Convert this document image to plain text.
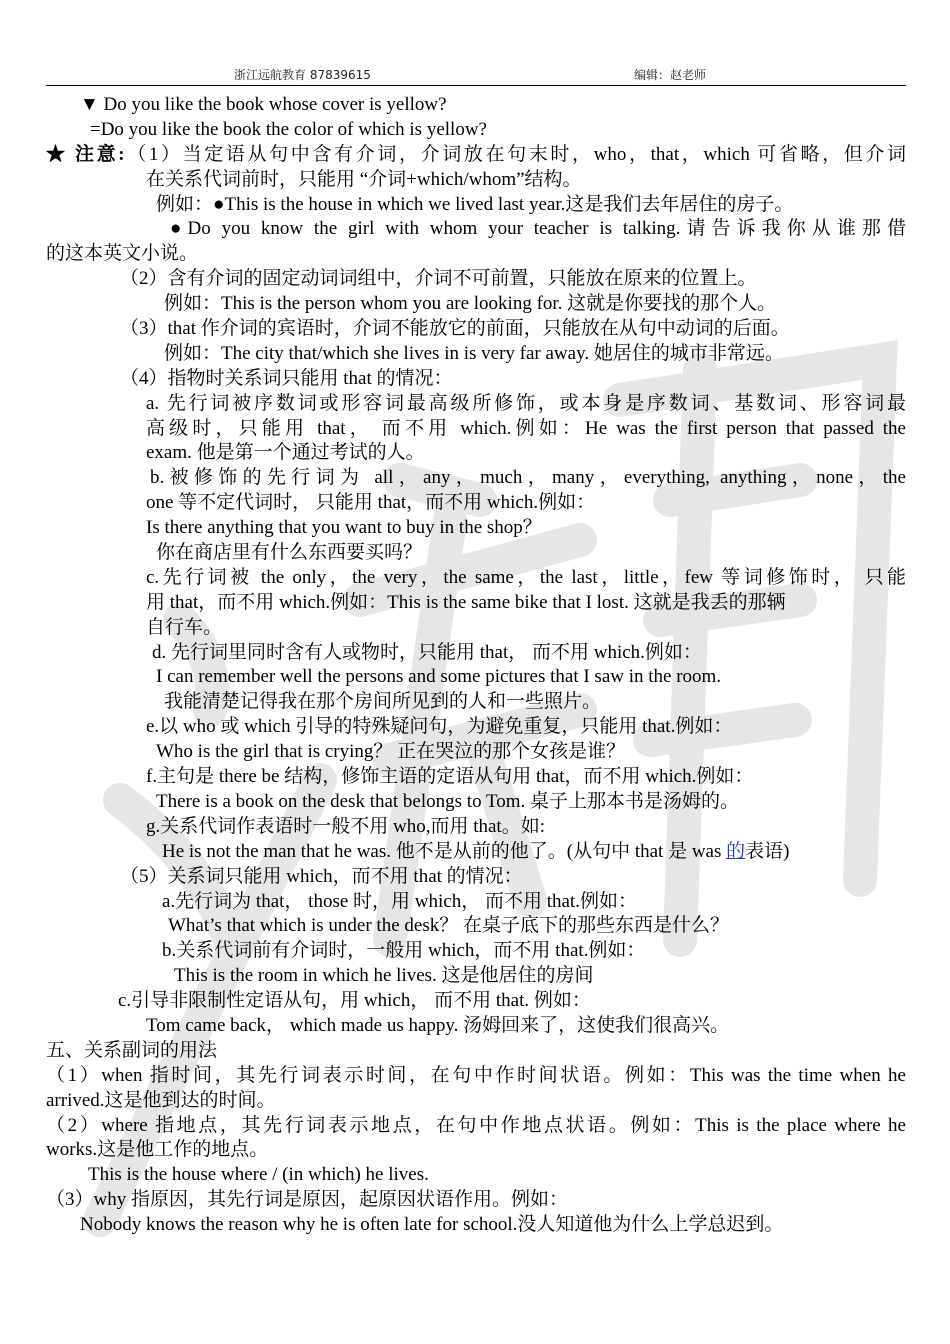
浙江远航教育 87839615	编辑：赵老师
▼ Do you like the book whose cover is yellow?
=Do you like the book the color of which is yellow?
★ 注意:（1）当定语从句中含有介词，介词放在句末时，who，that，which 可省略，但介词
在关系代词前时，只能用 “介词+which/whom”结构。
例如：●This is the house in which we lived last year.这是我们去年居住的房子。
●Do you know the girl with whom your teacher is talking.请告诉我你从谁那借
的这本英文小说。
（2）含有介词的固定动词词组中，介词不可前置，只能放在原来的位置上。
例如：This is the person whom you are looking for. 这就是你要找的那个人。
（3）that 作介词的宾语时，介词不能放它的前面，只能放在从句中动词的后面。
例如：The city that/which she lives in is very far away. 她居住的城市非常远。
（4）指物时关系词只能用 that 的情况：
a. 先行词被序数词或形容词最高级所修饰，或本身是序数词、基数词、形容词最
高级时，只能用 that， 而不用 which.例如：He was the first person that passed the
exam. 他是第一个通过考试的人。
b.被修饰的先行词为 all，any，much，many，everything, anything，none，the
one 等不定代词时， 只能用 that，而不用 which.例如：
Is there anything that you want to buy in the shop？
你在商店里有什么东西要买吗？
c.先行词被 the only，the very，the same，the last，little，few 等词修饰时， 只能
用 that，而不用 which.例如：This is the same bike that I lost. 这就是我丢的那辆
自行车。
d. 先行词里同时含有人或物时，只能用 that， 而不用 which.例如：
I can remember well the persons and some pictures that I saw in the room.
我能清楚记得我在那个房间所见到的人和一些照片。
e.以 who 或 which 引导的特殊疑问句，为避免重复，只能用 that.例如：
Who is the girl that is crying？ 正在哭泣的那个女孩是谁？
f.主句是 there be 结构，修饰主语的定语从句用 that，而不用 which.例如：
There is a book on the desk that belongs to Tom. 桌子上那本书是汤姆的。
g.关系代词作表语时一般不用 who,而用 that。如:
He is not the man that he was. 他不是从前的他了。(从句中 that 是 was 的表语)
（5）关系词只能用 which，而不用 that 的情况：
a.先行词为 that， those 时，用 which， 而不用 that.例如：
What’s that which is under the desk？ 在桌子底下的那些东西是什么？
b.关系代词前有介词时，一般用 which，而不用 that.例如：
This is the room in which he lives. 这是他居住的房间
c.引导非限制性定语从句，用 which， 而不用 that. 例如：
Tom came back， which made us happy. 汤姆回来了，这使我们很高兴。
五、关系副词的用法
（1）when 指时间，其先行词表示时间，在句中作时间状语。例如：This was the time when he
arrived.这是他到达的时间。
（2）where 指地点，其先行词表示地点，在句中作地点状语。例如：This is the place where he
works.这是他工作的地点。
This is the house where / (in which) he lives.
（3）why 指原因，其先行词是原因，起原因状语作用。例如：
Nobody knows the reason why he is often late for school.没人知道他为什么上学总迟到。
